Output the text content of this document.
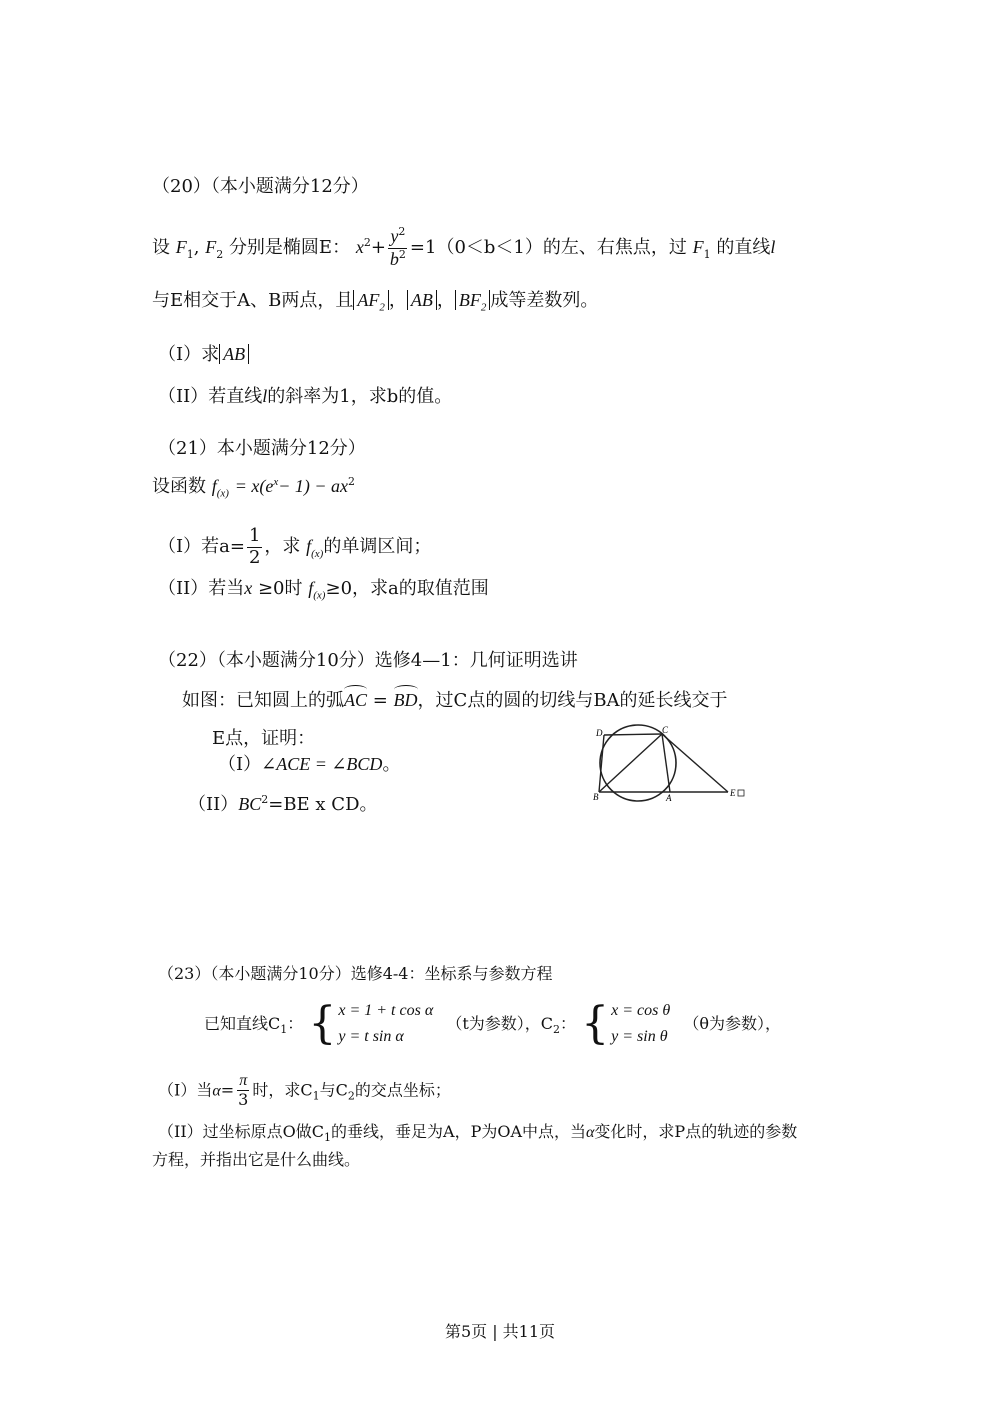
（20）（本小题满分12分）
设 $F_1$, $F_2$ 分别是椭圆E： $x^2+ \frac{y^2}{b^2} =1(0<b<1)$的左、右焦点，过 $F_1$ 的直线l
与E相交于A、B两点，且 $AF_2$ ， AB ， $BF_2$ 成等差数列。
（I）求 AB
（II）若直线l的斜率为1，求b的值。
（21）本小题满分12分）
设函数 $f_{(x)} = x(e^x- 1) - ax^2$
（I）若$a= \frac{1}{2}$ ，求 $f_{(x)}$的单调区间；
（II）若当x ≥0时 $f_{(x)}\ge 0$，求a的取值范围
（22）（本小题满分10分）选修4—1：几何证明选讲
如图：已知圆上的弧AC = BD，过C点的圆的切线与BA的延长线交于
E点，证明：
（I）∠ACE = ∠BCD。
$(II)BC^2=BE$ x CD。
D	C
B	A	E
（23）（本小题满分10分）选修4-4：坐标系与参数方程
已知直线$C_1$： { x = 1 + t cos α
y = t sin α
（t为参数），$C_2$： { x = cos θ
y = sin θ
（θ为参数），
（I）当$\alpha= \frac{\pi}{3}$ 时，求$C_1$与$C_2$的交点坐标；
（II）过坐标原点O做$C_1$的垂线，垂足为A，P为OA中点，当α变化时，求P点的轨迹的参数
方程，并指出它是什么曲线。
第5页 | 共11页
